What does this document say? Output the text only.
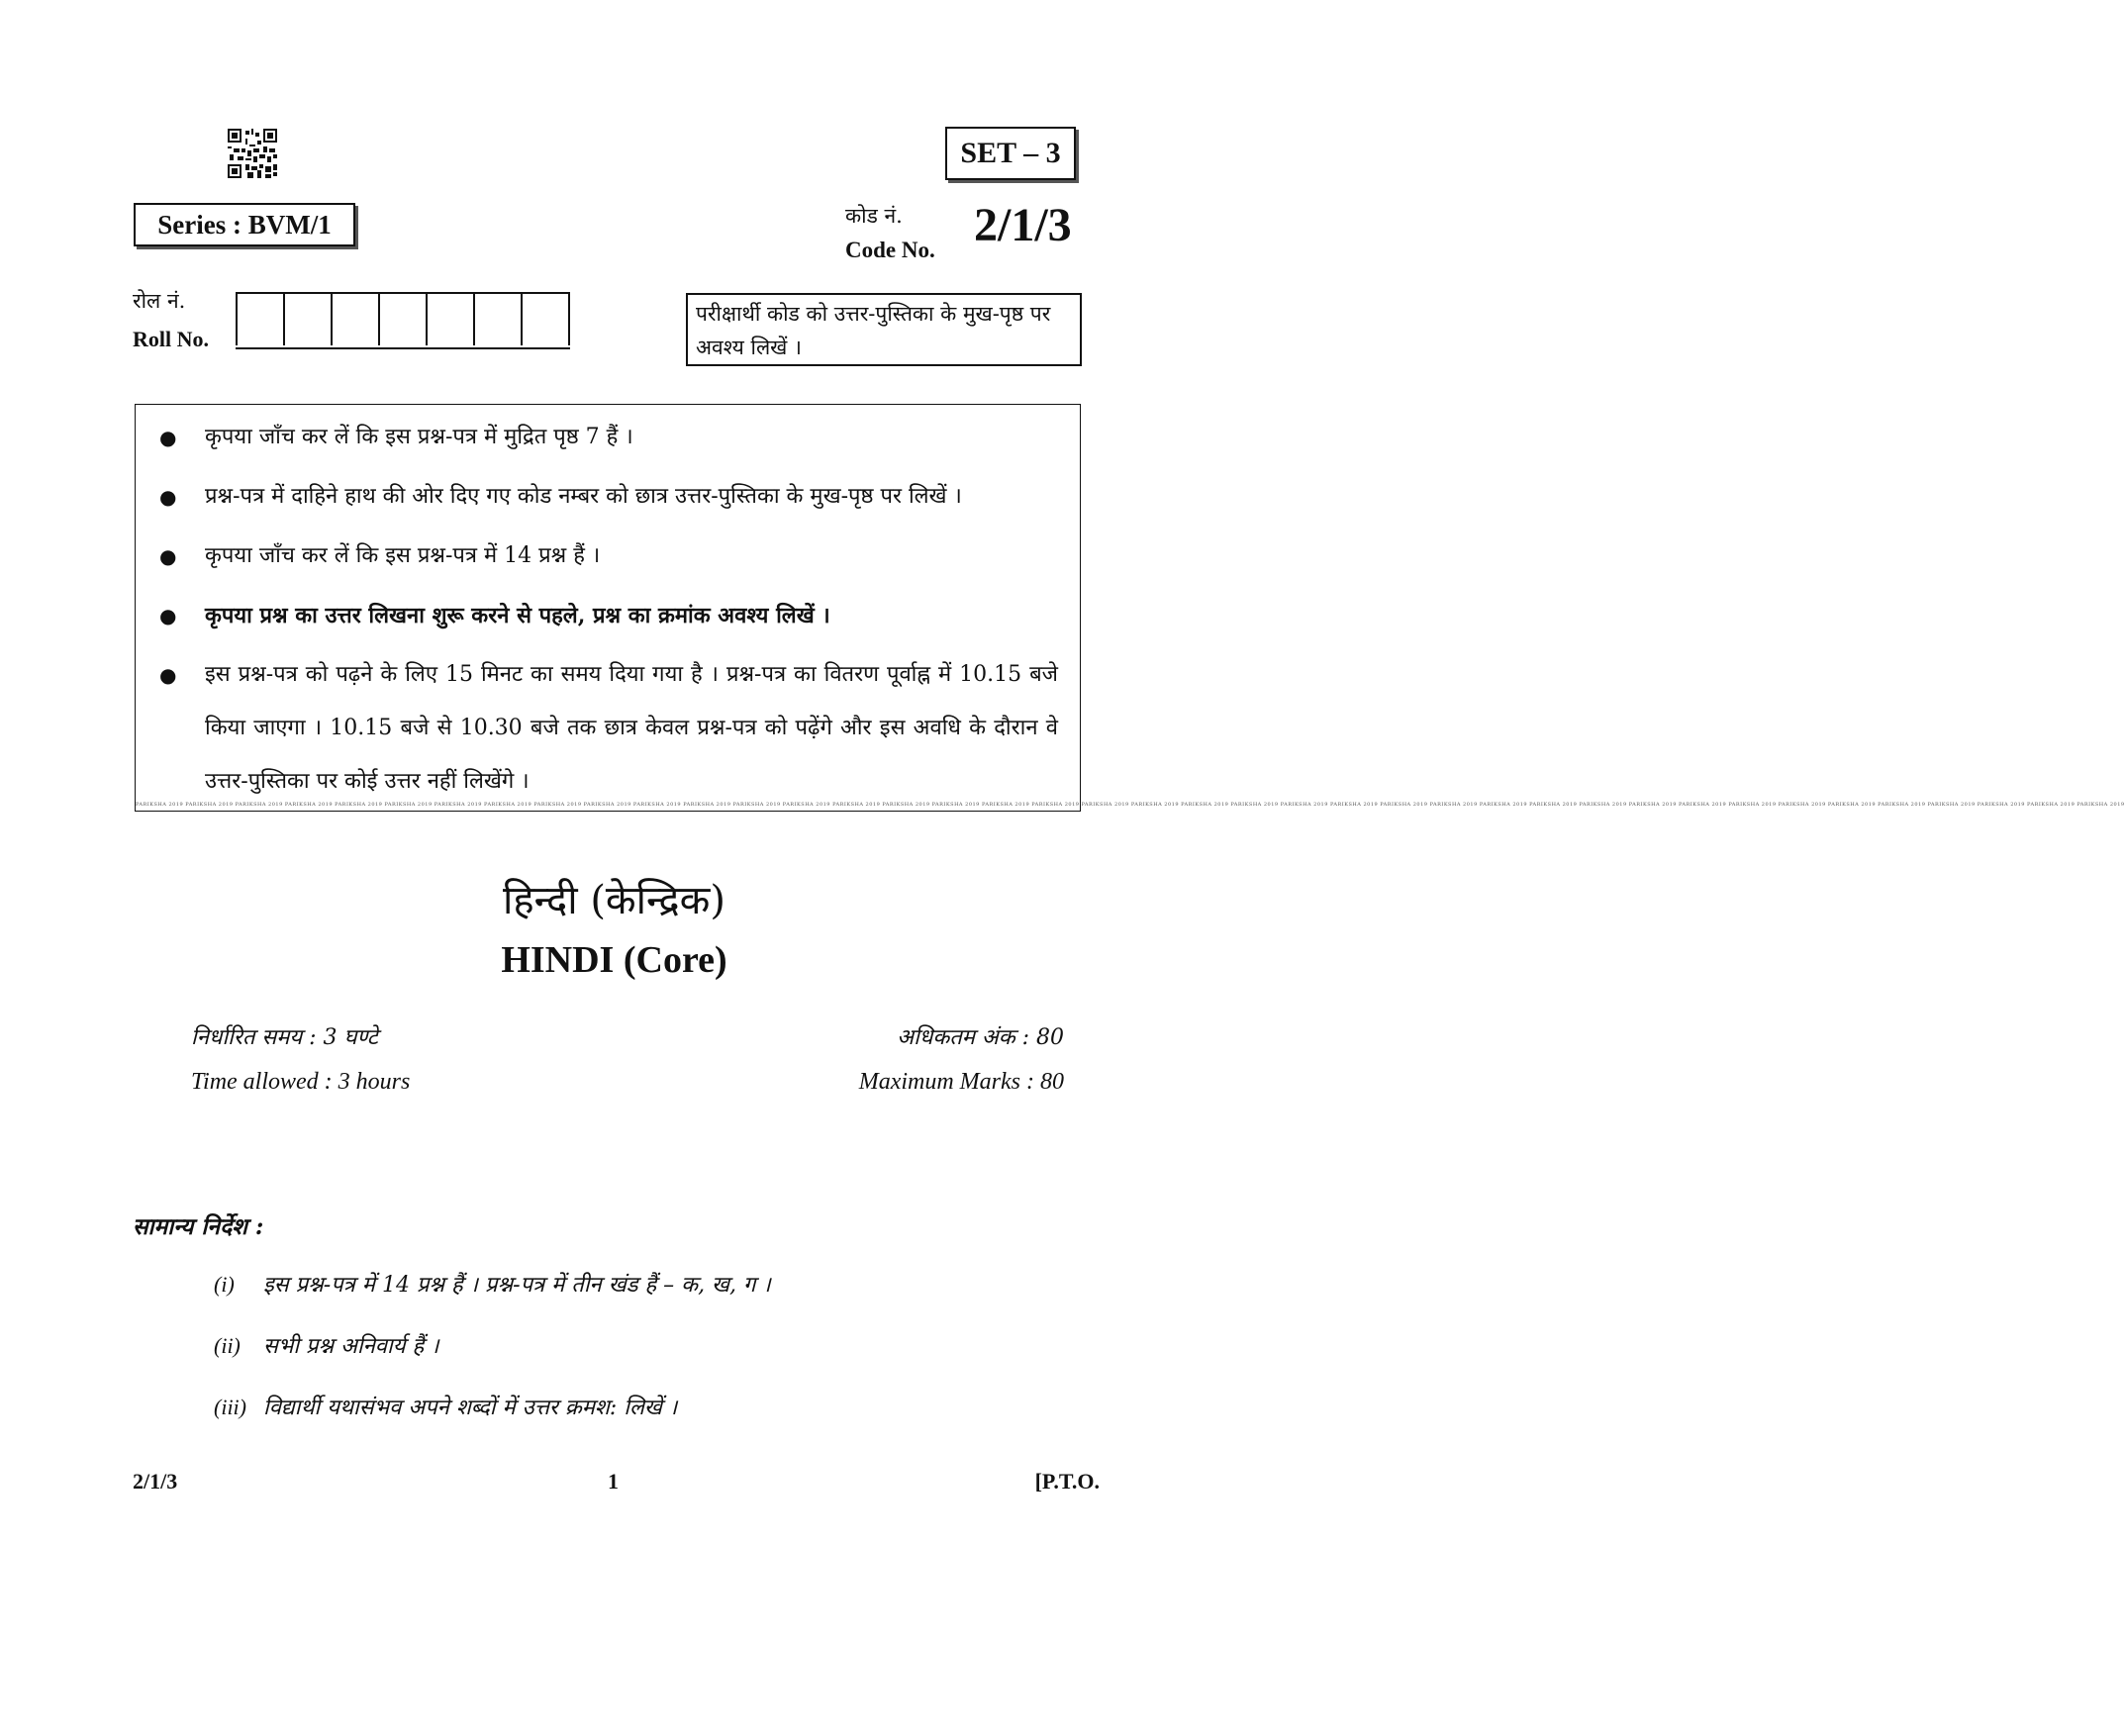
SET – 3
Series : BVM/1	कोड नं.
Code No. 2/1/3
रोल नं.
Roll No.
परीक्षार्थी कोड को उत्तर-पुस्तिका के मुख-पृष्ठ पर अवश्य लिखें ।
● कृपया जाँच कर लें कि इस प्रश्न-पत्र में मुद्रित पृष्ठ 7 हैं ।
● प्रश्न-पत्र में दाहिने हाथ की ओर दिए गए कोड नम्बर को छात्र उत्तर-पुस्तिका के मुख-पृष्ठ पर लिखें ।
● कृपया जाँच कर लें कि इस प्रश्न-पत्र में 14 प्रश्न हैं ।
● कृपया प्रश्न का उत्तर लिखना शुरू करने से पहले, प्रश्न का क्रमांक अवश्य लिखें ।
● इस प्रश्न-पत्र को पढ़ने के लिए 15 मिनट का समय दिया गया है । प्रश्न-पत्र का वितरण पूर्वाह्न में 10.15 बजे किया जाएगा । 10.15 बजे से 10.30 बजे तक छात्र केवल प्रश्न-पत्र को पढ़ेंगे और इस अवधि के दौरान वे उत्तर-पुस्तिका पर कोई उत्तर नहीं लिखेंगे ।
PARIKSHA 2019 PARIKSHA 2019 PARIKSHA 2019 PARIKSHA 2019 PARIKSHA 2019 PARIKSHA 2019 PARIKSHA 2019 PARIKSHA 2019 PARIKSHA 2019 PARIKSHA 2019 PARIKSHA 2019 PARIKSHA 2019 PARIKSHA 2019 PARIKSHA 2019 PARIKSHA 2019 PARIKSHA 2019 PARIKSHA 2019 PARIKSHA 2019 PARIKSHA 2019 PARIKSHA 2019 PARIKSHA 2019 PARIKSHA 2019 PARIKSHA 2019 PARIKSHA 2019 PARIKSHA 2019 PARIKSHA 2019 PARIKSHA 2019 PARIKSHA 2019 PARIKSHA 2019 PARIKSHA 2019 PARIKSHA 2019 PARIKSHA 2019 PARIKSHA 2019 PARIKSHA 2019 PARIKSHA 2019 PARIKSHA 2019 PARIKSHA 2019 PARIKSHA 2019 PARIKSHA 2019 PARIKSHA 2019
हिन्दी (केन्द्रिक)
HINDI (Core)
निर्धारित समय : 3 घण्टे
Time allowed : 3 hours
अधिकतम अंक : 80
Maximum Marks : 80
सामान्य निर्देश :
(i) इस प्रश्न-पत्र में 14 प्रश्न हैं । प्रश्न-पत्र में तीन खंड हैं – क, ख, ग ।
(ii) सभी प्रश्न अनिवार्य हैं ।
(iii) विद्यार्थी यथासंभव अपने शब्दों में उत्तर क्रमश: लिखें ।
2/1/3	1	[P.T.O.
